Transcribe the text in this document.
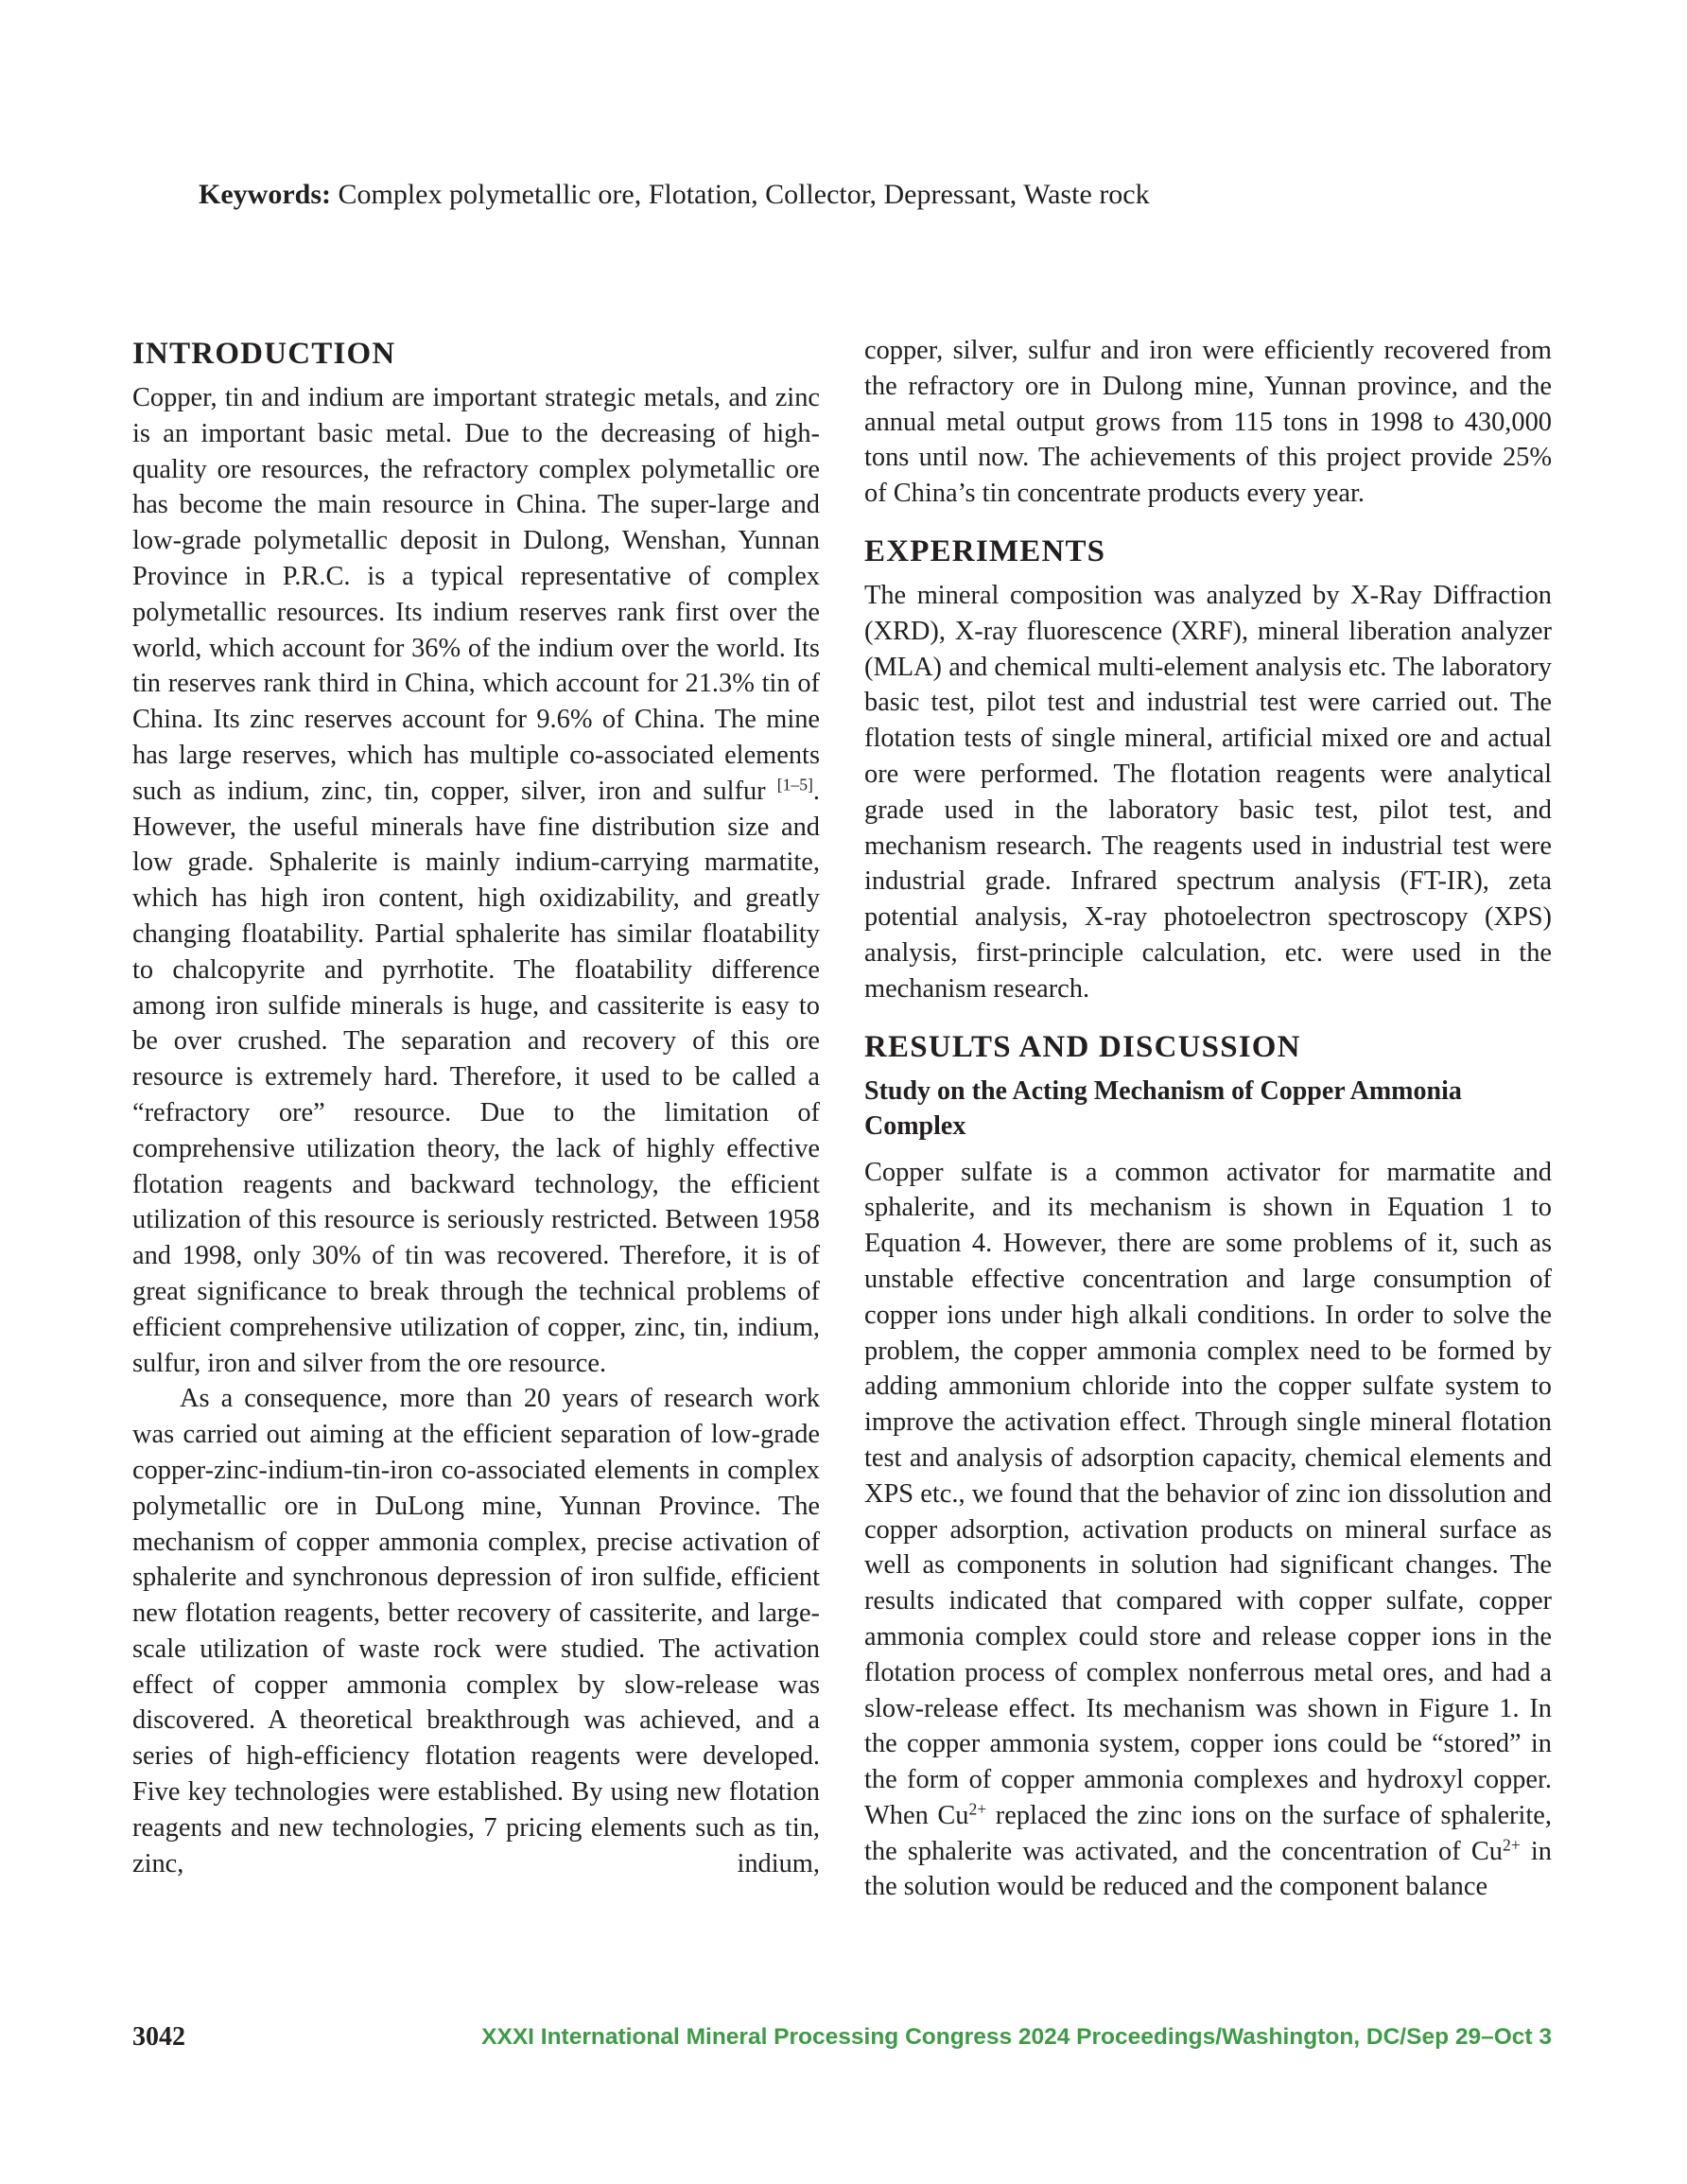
Keywords: Complex polymetallic ore, Flotation, Collector, Depressant, Waste rock
INTRODUCTION

Copper, tin and indium are important strategic metals, and zinc is an important basic metal. Due to the decreasing of high-quality ore resources, the refractory complex polymetallic ore has become the main resource in China. The super-large and low-grade polymetallic deposit in Dulong, Wenshan, Yunnan Province in P.R.C. is a typical representative of complex polymetallic resources. Its indium reserves rank first over the world, which account for 36% of the indium over the world. Its tin reserves rank third in China, which account for 21.3% tin of China. Its zinc reserves account for 9.6% of China. The mine has large reserves, which has multiple co-associated elements such as indium, zinc, tin, copper, silver, iron and sulfur [1–5]. However, the useful minerals have fine distribution size and low grade. Sphalerite is mainly indium-carrying marmatite, which has high iron content, high oxidizability, and greatly changing floatability. Partial sphalerite has similar floatability to chalcopyrite and pyrrhotite. The floatability difference among iron sulfide minerals is huge, and cassiterite is easy to be over crushed. The separation and recovery of this ore resource is extremely hard. Therefore, it used to be called a “refractory ore” resource. Due to the limitation of comprehensive utilization theory, the lack of highly effective flotation reagents and backward technology, the efficient utilization of this resource is seriously restricted. Between 1958 and 1998, only 30% of tin was recovered. Therefore, it is of great significance to break through the technical problems of efficient comprehensive utilization of copper, zinc, tin, indium, sulfur, iron and silver from the ore resource.

As a consequence, more than 20 years of research work was carried out aiming at the efficient separation of low-grade copper-zinc-indium-tin-iron co-associated elements in complex polymetallic ore in DuLong mine, Yunnan Province. The mechanism of copper ammonia complex, precise activation of sphalerite and synchronous depression of iron sulfide, efficient new flotation reagents, better recovery of cassiterite, and large-scale utilization of waste rock were studied. The activation effect of copper ammonia complex by slow-release was discovered. A theoretical breakthrough was achieved, and a series of high-efficiency flotation reagents were developed. Five key technologies were established. By using new flotation reagents and new technologies, 7 pricing elements such as tin, zinc, indium,

copper, silver, sulfur and iron were efficiently recovered from the refractory ore in Dulong mine, Yunnan province, and the annual metal output grows from 115 tons in 1998 to 430,000 tons until now. The achievements of this project provide 25% of China’s tin concentrate products every year.

EXPERIMENTS

The mineral composition was analyzed by X-Ray Diffraction (XRD), X-ray fluorescence (XRF), mineral liberation analyzer (MLA) and chemical multi-element analysis etc. The laboratory basic test, pilot test and industrial test were carried out. The flotation tests of single mineral, artificial mixed ore and actual ore were performed. The flotation reagents were analytical grade used in the laboratory basic test, pilot test, and mechanism research. The reagents used in industrial test were industrial grade. Infrared spectrum analysis (FT-IR), zeta potential analysis, X-ray photoelectron spectroscopy (XPS) analysis, first-principle calculation, etc. were used in the mechanism research.

RESULTS AND DISCUSSION
Study on the Acting Mechanism of Copper Ammonia Complex

Copper sulfate is a common activator for marmatite and sphalerite, and its mechanism is shown in Equation 1 to Equation 4. However, there are some problems of it, such as unstable effective concentration and large consumption of copper ions under high alkali conditions. In order to solve the problem, the copper ammonia complex need to be formed by adding ammonium chloride into the copper sulfate system to improve the activation effect. Through single mineral flotation test and analysis of adsorption capacity, chemical elements and XPS etc., we found that the behavior of zinc ion dissolution and copper adsorption, activation products on mineral surface as well as components in solution had significant changes. The results indicated that compared with copper sulfate, copper ammonia complex could store and release copper ions in the flotation process of complex nonferrous metal ores, and had a slow-release effect. Its mechanism was shown in Figure 1. In the copper ammonia system, copper ions could be “stored” in the form of copper ammonia complexes and hydroxyl copper. When $Cu^{2+}$ replaced the zinc ions on the surface of sphalerite, the sphalerite was activated, and the concentration of $Cu^{2+}$ in the solution would be reduced and the component balance

3042	XXXI International Mineral Processing Congress 2024 Proceedings/Washington, DC/Sep 29–Oct 3
